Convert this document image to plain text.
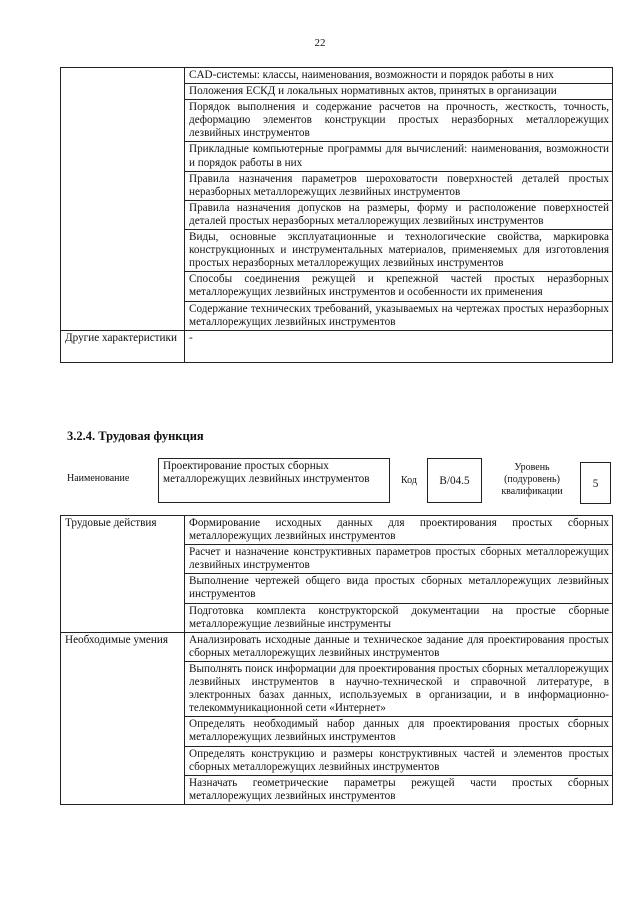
22
	CAD-системы: классы, наименования, возможности и порядок работы в них
	Положения ЕСКД и локальных нормативных актов, принятых в организации
	Порядок выполнения и содержание расчетов на прочность, жесткость, точность, деформацию элементов конструкции простых неразборных металлорежущих лезвийных инструментов
	Прикладные компьютерные программы для вычислений: наименования, возможности и порядок работы в них
	Правила назначения параметров шероховатости поверхностей деталей простых неразборных металлорежущих лезвийных инструментов
	Правила назначения допусков на размеры, форму и расположение поверхностей деталей простых неразборных металлорежущих лезвийных инструментов
	Виды, основные эксплуатационные и технологические свойства, маркировка конструкционных и инструментальных материалов, применяемых для изготовления простых неразборных металлорежущих лезвийных инструментов
	Способы соединения режущей и крепежной частей простых неразборных металлорежущих лезвийных инструментов и особенности их применения
	Содержание технических требований, указываемых на чертежах простых неразборных металлорежущих лезвийных инструментов
Другие характеристики	-
3.2.4. Трудовая функция
Наименование
Проектирование простых сборных металлорежущих лезвийных инструментов	Код	B/04.5
Уровень (подуровень) квалификации
5
Трудовые действия	Формирование исходных данных для проектирования простых сборных металлорежущих лезвийных инструментов
	Расчет и назначение конструктивных параметров простых сборных металлорежущих лезвийных инструментов
	Выполнение чертежей общего вида простых сборных металлорежущих лезвийных инструментов
	Подготовка комплекта конструкторской документации на простые сборные металлорежущие лезвийные инструменты
Необходимые умения	Анализировать исходные данные и техническое задание для проектирования простых сборных металлорежущих лезвийных инструментов
	Выполнять поиск информации для проектирования простых сборных металлорежущих лезвийных инструментов в научно-технической и справочной литературе, в электронных базах данных, используемых в организации, и в информационно-телекоммуникационной сети «Интернет»
	Определять необходимый набор данных для проектирования простых сборных металлорежущих лезвийных инструментов
	Определять конструкцию и размеры конструктивных частей и элементов простых сборных металлорежущих лезвийных инструментов
	Назначать геометрические параметры режущей части простых сборных металлорежущих лезвийных инструментов
